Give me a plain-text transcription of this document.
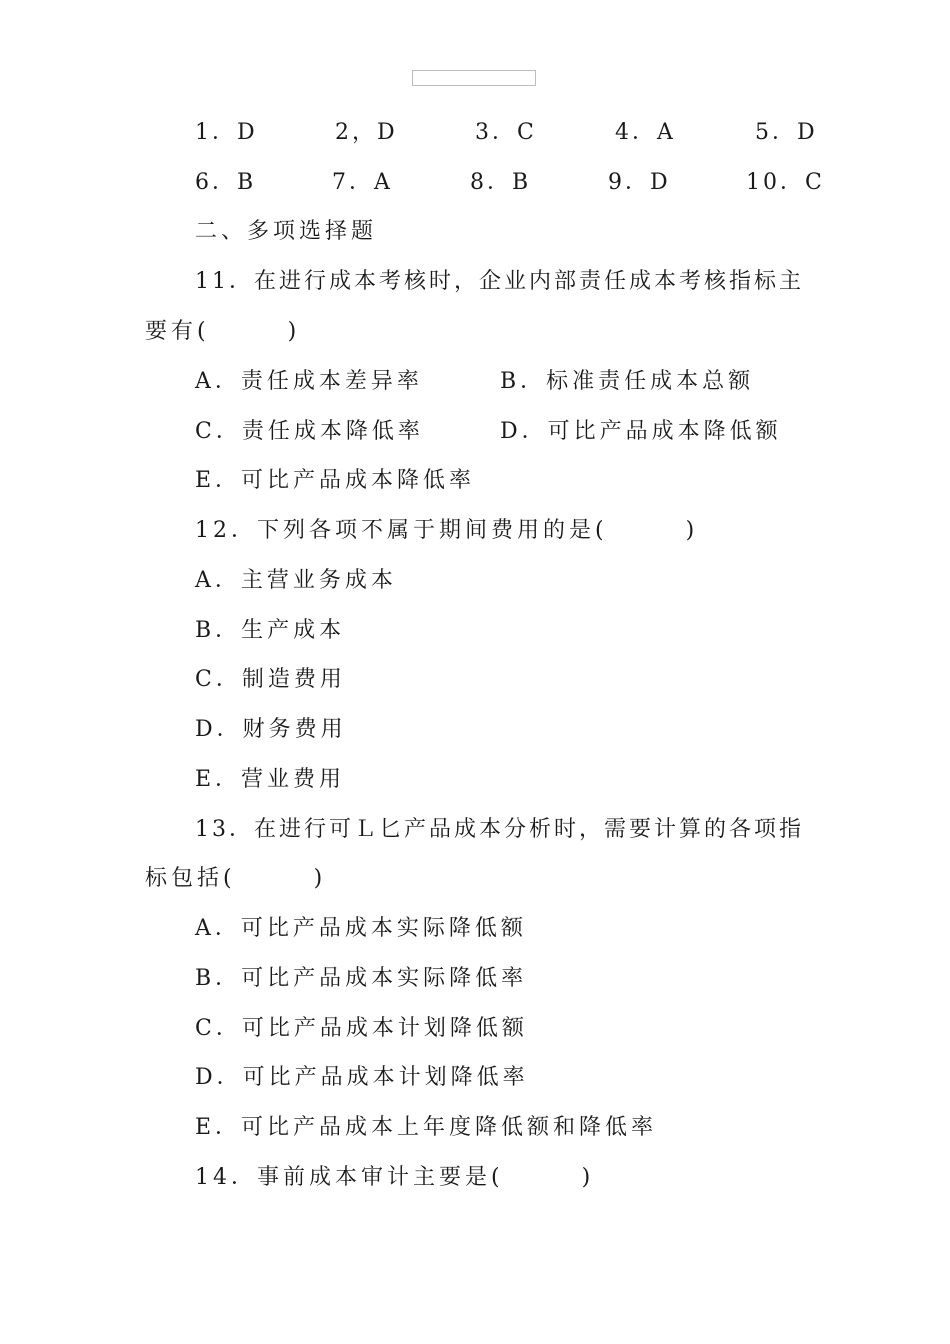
1．D	2，D	3．C	4．A	5．D
6．B	7．A	8．B	9．D	10．C
二、多项选择题
11．在进行成本考核时，企业内部责任成本考核指标主
要有(　　　)
A．责任成本差异率	B．标准责任成本总额
C．责任成本降低率	D．可比产品成本降低额
E．可比产品成本降低率
12．下列各项不属于期间费用的是(　　　)
A．主营业务成本
B．生产成本
C．制造费用
D．财务费用
E．营业费用
13．在进行可Ｌ匕产品成本分析时，需要计算的各项指
标包括(　　　)
A．可比产品成本实际降低额
B．可比产品成本实际降低率
C．可比产品成本计划降低额
D．可比产品成本计划降低率
E．可比产品成本上年度降低额和降低率
14．事前成本审计主要是(　　　)
